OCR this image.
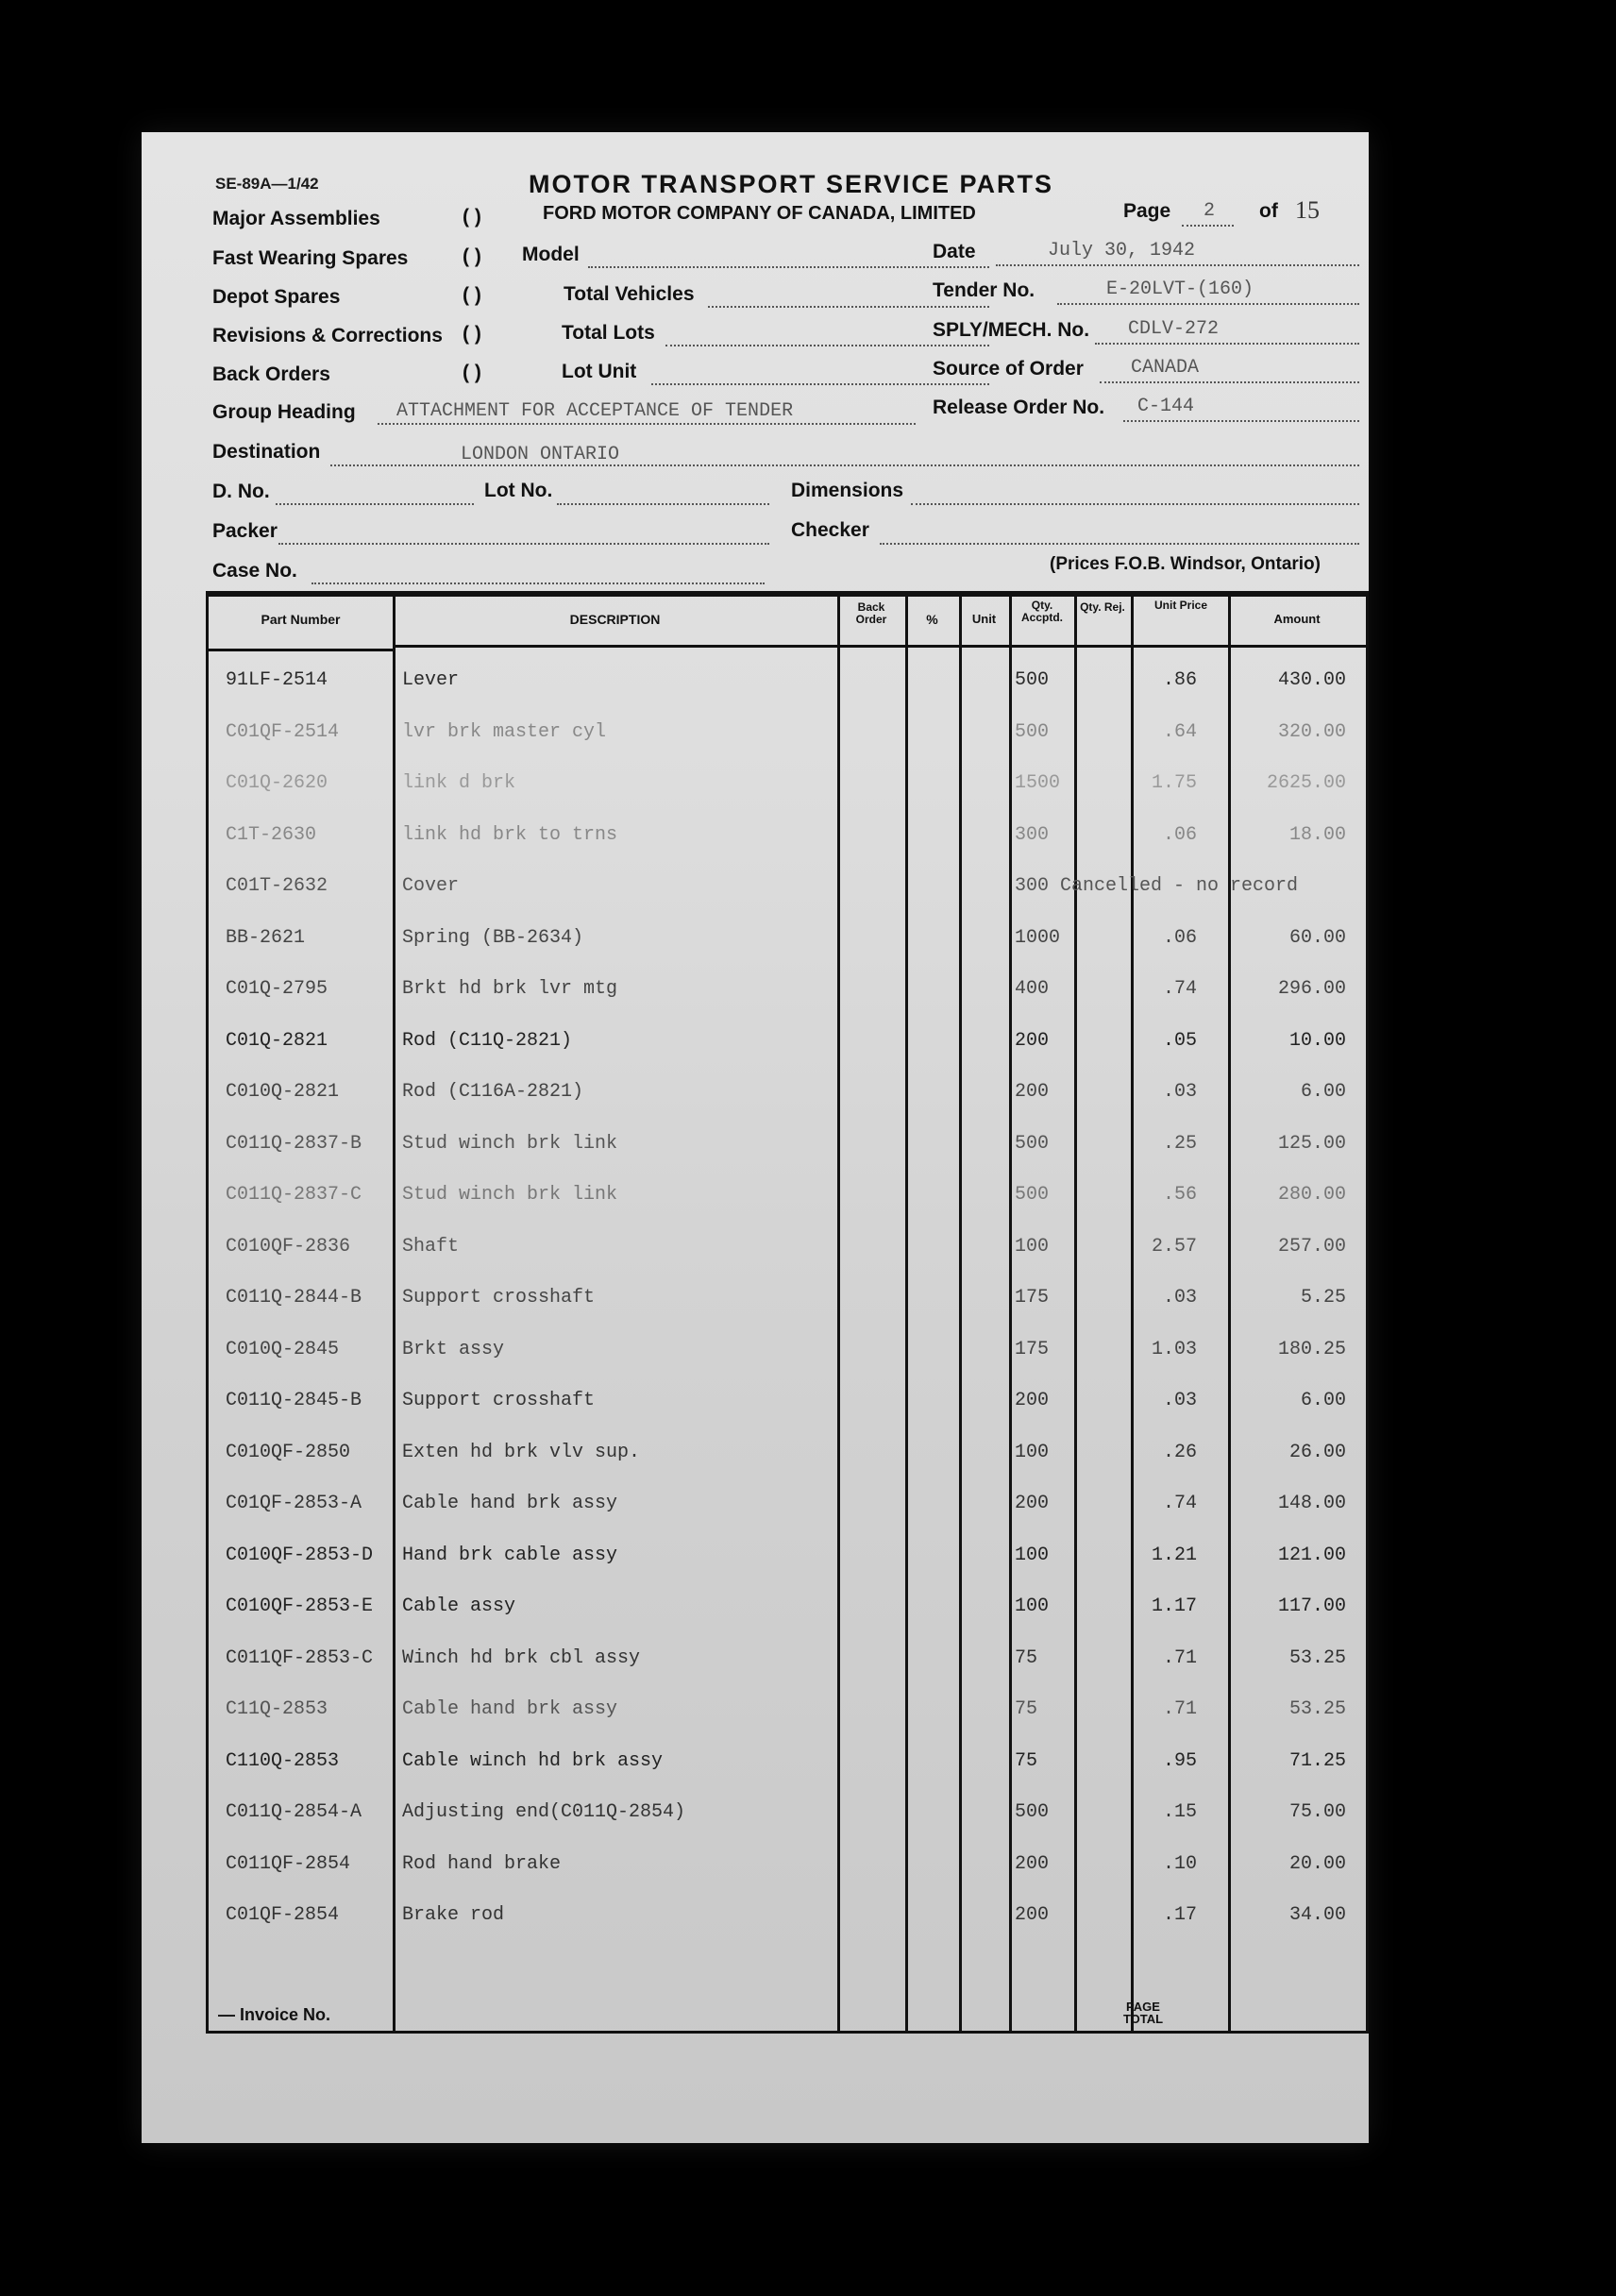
SE-89A—1/42	MOTOR TRANSPORT SERVICE PARTS
FORD MOTOR COMPANY OF CANADA, LIMITED	Page 2 of 15
Major Assemblies	( )
Fast Wearing Spares	( )
Depot Spares	( )
Revisions & Corrections ( )
Back Orders	( )
Model
Total Vehicles
Total Lots
Lot Unit
Date	July 30, 1942
Tender No.	E-20LVT-(160)
SPLY/MECH. No. CDLV-272
Source of Order	CANADA
Release Order No. C-144
Group Heading ATTACHMENT FOR ACCEPTANCE OF TENDER
Destination	LONDON ONTARIO
D. No.	Lot No.	Dimensions
Packer	Checker
Case No.	(Prices F.O.B. Windsor, Ontario)
Part Number	DESCRIPTION
Back Order	%	Unit
Qty. Accptd.
Qty. Rej.	Unit Price
Amount
91LF-2514	Lever	500	.86	430.00
C01QF-2514	lvr brk master cyl	500	.64	320.00
C01Q-2620	link d brk	1500	1.75	2625.00
C1T-2630	link hd brk to trns	300	.06	18.00
C01T-2632	Cover	300 Cancelled - no record
BB-2621	Spring (BB-2634)	1000	.06	60.00
C01Q-2795	Brkt hd brk lvr mtg	400	.74	296.00
C01Q-2821	Rod (C11Q-2821)	200	.05	10.00
C010Q-2821	Rod (C116A-2821)	200	.03	6.00
C011Q-2837-B Stud winch brk link	500	.25	125.00
C011Q-2837-C Stud winch brk link	500	.56	280.00
C010QF-2836	Shaft	100	2.57	257.00
C011Q-2844-B Support crosshaft	175	.03	5.25
C010Q-2845	Brkt assy	175	1.03	180.25
C011Q-2845-B Support crosshaft	200	.03	6.00
C010QF-2850	Exten hd brk vlv sup.	100	.26	26.00
C01QF-2853-A Cable hand brk assy	200	.74	148.00
C010QF-2853-D Hand brk cable assy	100	1.21	121.00
C010QF-2853-E Cable assy	100	1.17	117.00
C011QF-2853-C Winch hd brk cbl assy	75	.71	53.25
C11Q-2853	Cable hand brk assy	75	.71	53.25
C110Q-2853	Cable winch hd brk assy	75	.95	71.25
C011Q-2854-A Adjusting end(C011Q-2854)	500	.15	75.00
C011QF-2854	Rod hand brake	200	.10	20.00
C01QF-2854	Brake rod	200	.17	34.00
— Invoice No.	PAGE TOTAL
